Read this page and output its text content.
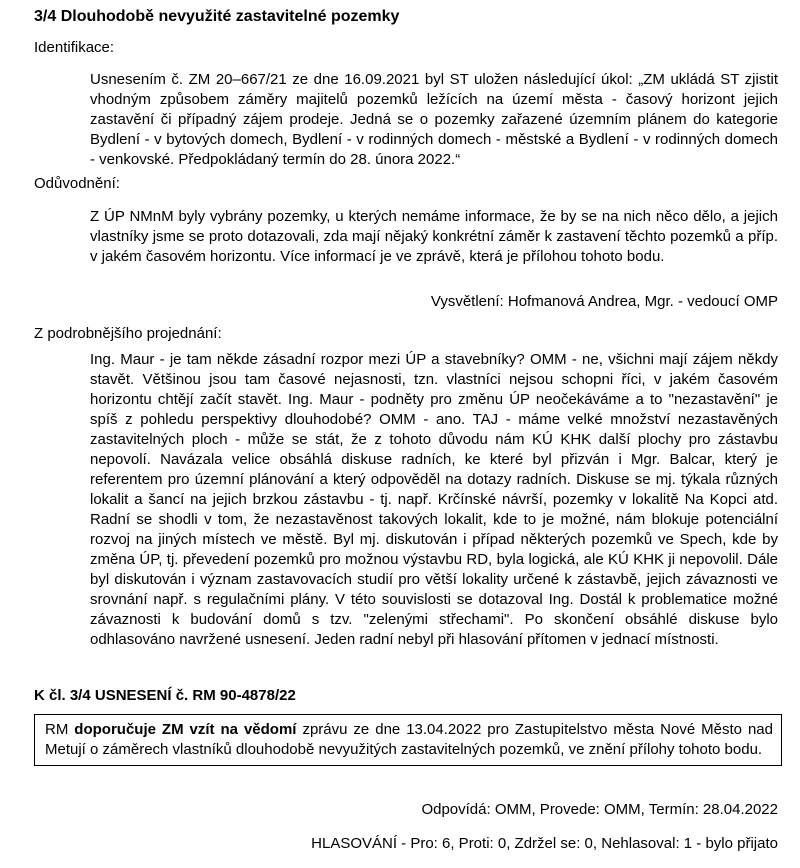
3/4 Dlouhodobě nevyužité zastavitelné pozemky

Identifikace:

Usnesením č. ZM 20–667/21 ze dne 16.09.2021 byl ST uložen následující úkol: „ZM ukládá ST zjistit vhodným způsobem záměry majitelů pozemků ležících na území města - časový horizont jejich zastavění či případný zájem prodeje. Jedná se o pozemky zařazené územním plánem do kategorie Bydlení - v bytových domech, Bydlení - v rodinných domech - městské a Bydlení - v rodinných domech - venkovské. Předpokládaný termín do 28. února 2022.“

Odůvodnění:

Z ÚP NMnM byly vybrány pozemky, u kterých nemáme informace, že by se na nich něco dělo, a jejich vlastníky jsme se proto dotazovali, zda mají nějaký konkrétní záměr k zastavení těchto pozemků a příp. v jakém časovém horizontu. Více informací je ve zprávě, která je přílohou tohoto bodu.

Vysvětlení: Hofmanová Andrea, Mgr. - vedoucí OMP

Z podrobnějšího projednání:

Ing. Maur - je tam někde zásadní rozpor mezi ÚP a stavebníky? OMM - ne, všichni mají zájem někdy stavět. Většinou jsou tam časové nejasnosti, tzn. vlastníci nejsou schopni říci, v jakém časovém horizontu chtějí začít stavět. Ing. Maur - podněty pro změnu ÚP neočekáváme a to "nezastavění" je spíš z pohledu perspektivy dlouhodobé? OMM - ano. TAJ - máme velké množství nezastavěných zastavitelných ploch - může se stát, že z tohoto důvodu nám KÚ KHK další plochy pro zástavbu nepovolí. Navázala velice obsáhlá diskuse radních, ke které byl přizván i Mgr. Balcar, který je referentem pro územní plánování a který odpověděl na dotazy radních. Diskuse se mj. týkala různých lokalit a šancí na jejich brzkou zástavbu - tj. např. Krčínské návrší, pozemky v lokalitě Na Kopci atd. Radní se shodli v tom, že nezastavěnost takových lokalit, kde to je možné, nám blokuje potenciální rozvoj na jiných místech ve městě. Byl mj. diskutován i případ některých pozemků ve Spech, kde by změna ÚP, tj. převedení pozemků pro možnou výstavbu RD, byla logická, ale KÚ KHK ji nepovolil. Dále byl diskutován i význam zastavovacích studií pro větší lokality určené k zástavbě, jejich závaznosti ve srovnání např. s regulačními plány. V této souvislosti se dotazoval Ing. Dostál k problematice možné závaznosti k budování domů s tzv. "zelenými střechami". Po skončení obsáhlé diskuse bylo odhlasováno navržené usnesení. Jeden radní nebyl při hlasování přítomen v jednací místnosti.

K čl. 3/4 USNESENÍ č. RM 90-4878/22

RM doporučuje ZM vzít na vědomí zprávu ze dne 13.04.2022 pro Zastupitelstvo města Nové Město nad Metují o záměrech vlastníků dlouhodobě nevyužitých zastavitelných pozemků, ve znění přílohy tohoto bodu.

Odpovídá: OMM, Provede: OMM, Termín: 28.04.2022

HLASOVÁNÍ - Pro: 6, Proti: 0, Zdržel se: 0, Nehlasoval: 1 - bylo přijato
